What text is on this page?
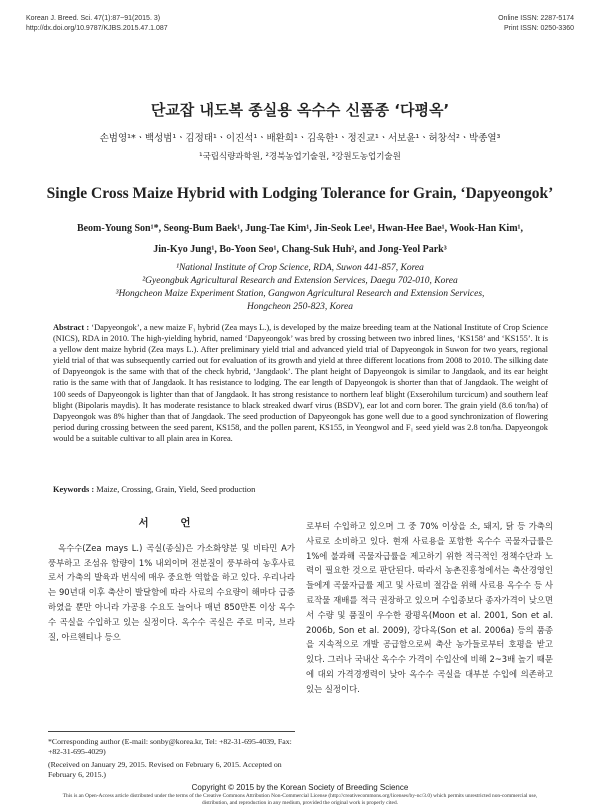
Korean J. Breed. Sci. 47(1):87~91(2015. 3)
http://dx.doi.org/10.9787/KJBS.2015.47.1.087
Online ISSN: 2287-5174
Print ISSN: 0250-3360
단교잡 내도복 종실용 옥수수 신품종 ‘다평옥’
손범영¹*ㆍ백성범¹ㆍ김정태¹ㆍ이진석¹ㆍ배환희¹ㆍ김욱한¹ㆍ정진교¹ㆍ서보윤¹ㆍ허창석²ㆍ박종열³
¹국립식량과학원, ²경북농업기술원, ³강원도농업기술원
Single Cross Maize Hybrid with Lodging Tolerance for Grain, ‘Dapyeongok’
Beom-Young Son¹*, Seong-Bum Baek¹, Jung-Tae Kim¹, Jin-Seok Lee¹, Hwan-Hee Bae¹, Wook-Han Kim¹,
Jin-Kyo Jung¹, Bo-Yoon Seo¹, Chang-Suk Huh², and Jong-Yeol Park³
¹National Institute of Crop Science, RDA, Suwon 441-857, Korea
²Gyeongbuk Agricultural Research and Extension Services, Daegu 702-010, Korea
³Hongcheon Maize Experiment Station, Gangwon Agricultural Research and Extension Services,
Hongcheon 250-823, Korea
Abstract : ‘Dapyeongok’, a new maize F₁ hybrid (Zea mays L.), is developed by the maize breeding team at the National Institute of Crop Science (NICS), RDA in 2010. The high-yielding hybrid, named ‘Dapyeongok’ was bred by crossing between two inbred lines, ‘KS158’ and ‘KS155’. It is a yellow dent maize hybrid (Zea mays L.). After preliminary yield trial and advanced yield trial of Dapyeongok in Suwon for two years, regional yield trial of that was subsequently carried out for evaluation of its growth and yield at three different locations from 2008 to 2010. The silking date of Dapyeongok is the same with that of the check hybrid, ‘Jangdaok’. The plant height of Dapyeongok is similar to Jangdaok, and its ear height ratio is the same with that of Jangdaok. It has resistance to lodging. The ear length of Dapyeongok is shorter than that of Jangdaok. The weight of 100 seeds of Dapyeongok is lighter than that of Jangdaok. It has strong resistance to northern leaf blight (Exserohilum turcicum) and southern leaf blight (Bipolaris maydis). It has moderate resistance to black streaked dwarf virus (BSDV), ear lot and corn borer. The grain yield (8.6 ton/ha) of Dapyeongok was 8% higher than that of Jangdaok. The seed production of Dapyeongok has gone well due to a good synchronization of flowering period during crossing between the seed parent, KS158, and the pollen parent, KS155, in Yeongwol and F₁ seed yield was 2.8 ton/ha. Dapyeongok would be a suitable cultivar to all plain area in Korea.
Keywords : Maize, Crossing, Grain, Yield, Seed production
서 언

옥수수(Zea mays L.) 곡실(종실)은 가소화양분 및 비타민 A가 풍부하고 조섬유 함량이 1% 내외이며 전분질이 풍부하여 농후사료로서 가축의 발육과 번식에 매우 중요한 역할을 하고 있다. 우리나라는 90년대 이후 축산이 발달함에 따라 사료의 수요량이 해마다 급증하였을 뿐만 아니라 가공용 수요도 늘어나 매년 850만톤 이상 옥수수 곡실을 수입하고 있는 실정이다. 옥수수 곡실은 주로 미국, 브라질, 아르헨티나 등으

로부터 수입하고 있으며 그 중 70% 이상을 소, 돼지, 닭 등 가축의 사료로 소비하고 있다. 현재 사료용을 포함한 옥수수 곡물자급률은 1%에 불과해 곡물자급률을 제고하기 위한 적극적인 정책수단과 노력이 필요한 것으로 판단된다. 따라서 농촌진흥청에서는 축산경영인들에게 곡물자급률 제고 및 사료비 절감을 위해 사료용 옥수수 등 사료작물 재배를 적극 권장하고 있으며 수입종보다 종자가격이 낮으면서 수량 및 품질이 우수한 광평옥(Moon et al. 2001, Son et al. 2006b, Son et al. 2009), 강다옥(Son et al. 2006a) 등의 품종을 지속적으로 개발 공급함으로써 축산 농가들로부터 호평을 받고 있다. 그러나 국내산 옥수수 가격이 수입산에 비해 2~3배 높기 때문에 대외 가격경쟁력이 낮아 옥수수 곡실을 대부분 수입에 의존하고 있는 실정이다.

*Corresponding author (E-mail: sonby@korea.kr, Tel: +82-31-695-4039, Fax: +82-31-695-4029)
(Received on January 29, 2015. Revised on February 6, 2015. Accepted on February 6, 2015.)
Copyright © 2015 by the Korean Society of Breeding Science
This is an Open-Access article distributed under the terms of the Creative Commons Attribution Non-Commercial License (http://creativecommons.org/licenses/by-nc/3.0) which permits unrestricted non-commercial use, distribution, and reproduction in any medium, provided the original work is properly cited.
